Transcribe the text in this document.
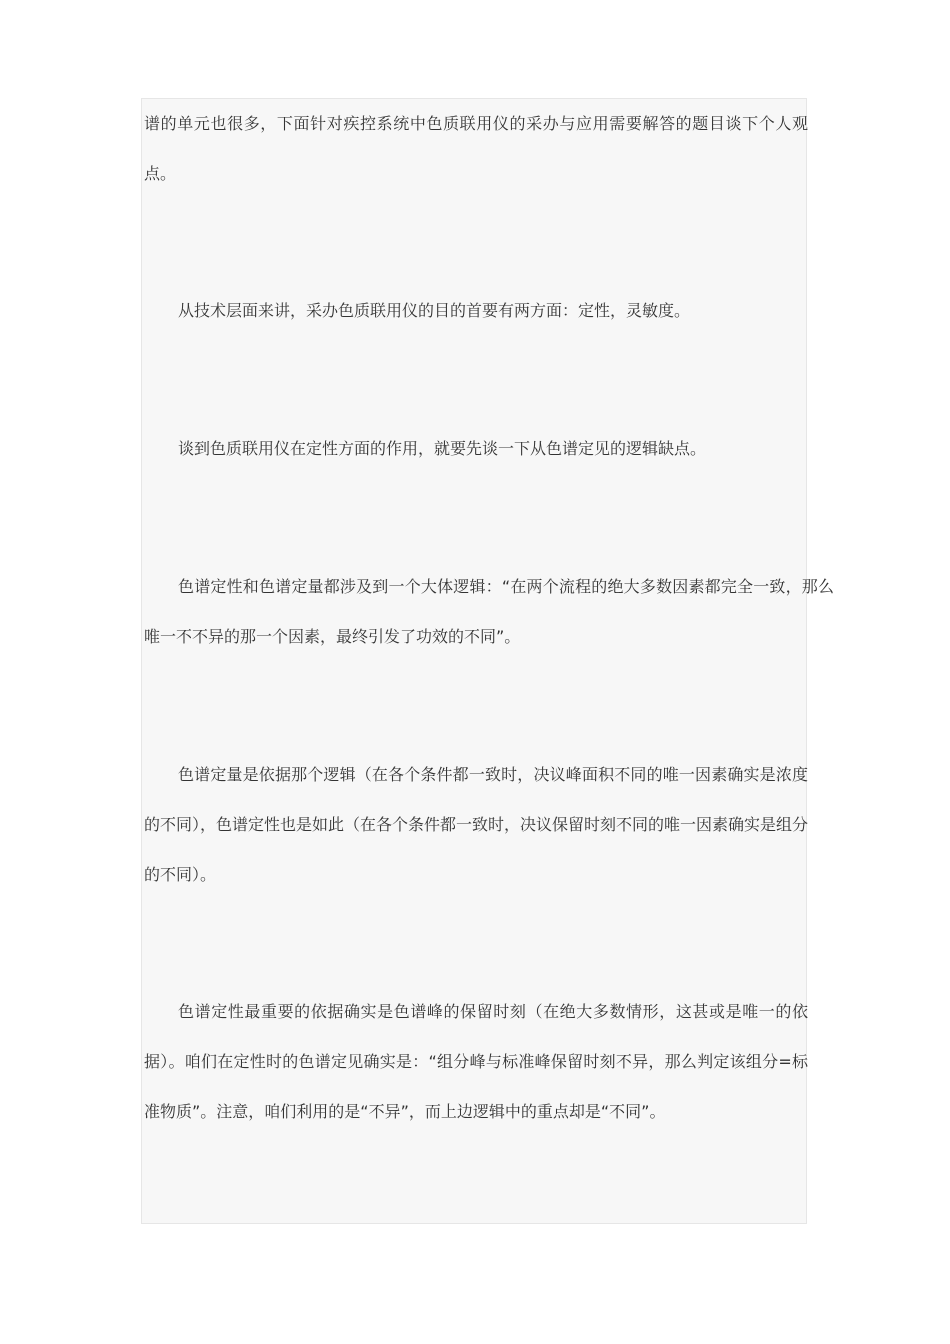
谱的单元也很多，下面针对疾控系统中色质联用仪的采办与应用需要解答的题目谈下个人观点。

从技术层面来讲，采办色质联用仪的目的首要有两方面：定性，灵敏度。

谈到色质联用仪在定性方面的作用，就要先谈一下从色谱定见的逻辑缺点。

色谱定性和色谱定量都涉及到一个大体逻辑：“在两个流程的绝大多数因素都完全一致，那么唯一不不异的那一个因素，最终引发了功效的不同”。

色谱定量是依据那个逻辑（在各个条件都一致时，决议峰面积不同的唯一因素确实是浓度的不同），色谱定性也是如此（在各个条件都一致时，决议保留时刻不同的唯一因素确实是组分的不同）。

色谱定性最重要的依据确实是色谱峰的保留时刻（在绝大多数情形，这甚或是唯一的依据）。咱们在定性时的色谱定见确实是：“组分峰与标准峰保留时刻不异，那么判定该组分=标准物质”。注意，咱们利用的是“不异”，而上边逻辑中的重点却是“不同”。
